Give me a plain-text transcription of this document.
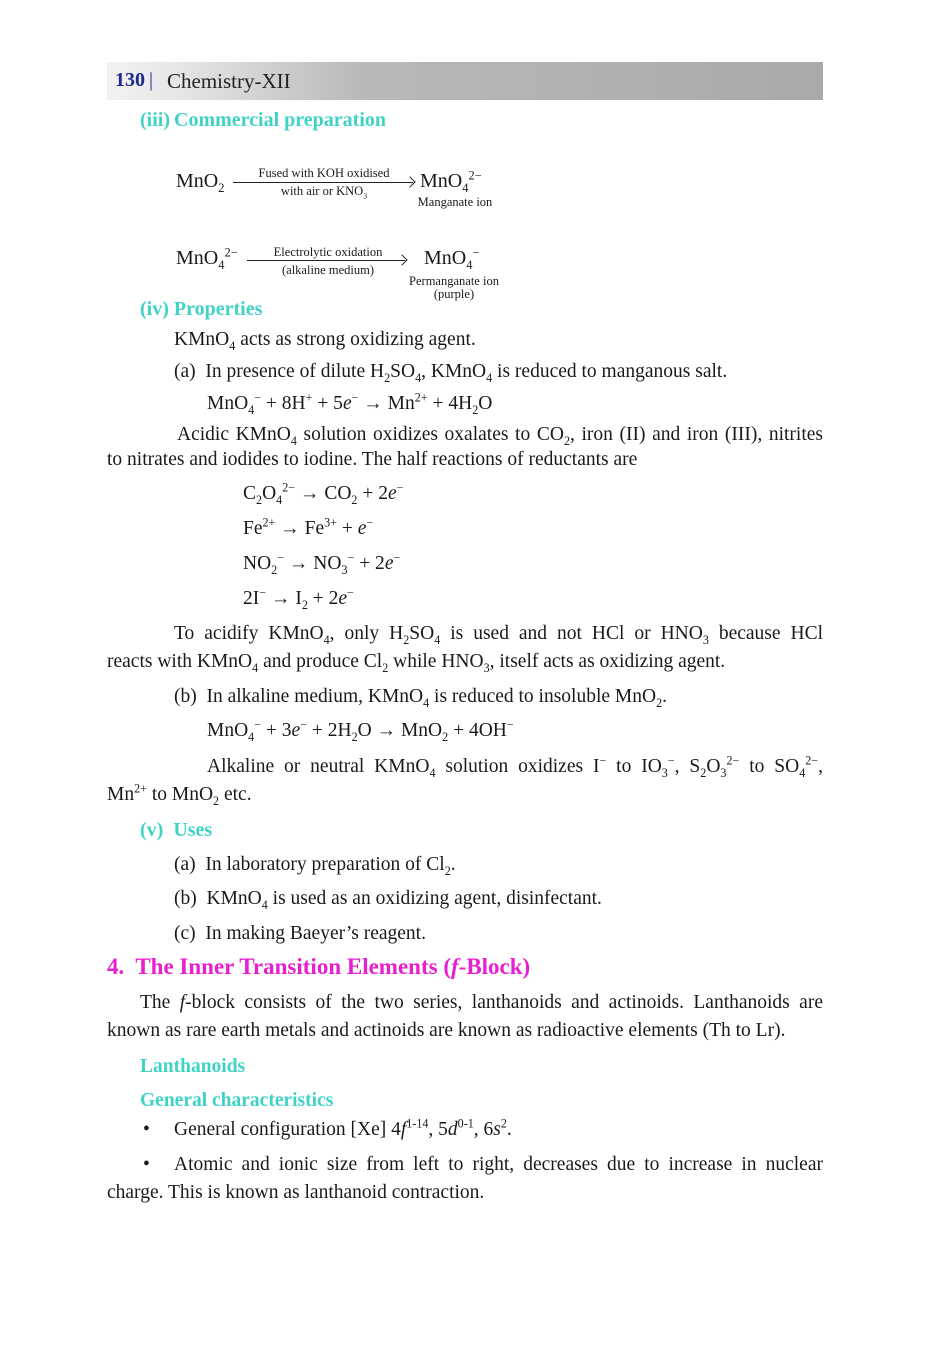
130 | Chemistry-XII
(iii) Commercial preparation
MnO$_2$
Fused with KOH oxidised
with air or $KNO_3$
MnO$_4^{2-}$
Manganate ion
MnO$_4^{2-}$	Electrolytic oxidation
(alkaline medium)
MnO$_4$−
Permanganate ion
(purple)
(iv) Properties
KMnO$_4$ acts as strong oxidizing agent.
(a)  In presence of dilute $H_2SO_4$, KMnO$_4$ is reduced to manganous salt.
$MnO_4^- + 8H^+ + 5e^- \to Mn^{2+} + 4H_2O$
Acidic KMnO$_4$ solution oxidizes oxalates to $CO_2$, iron (II) and iron (III), nitrites
to nitrates and iodides to iodine. The half reactions of reductants are
$C_2O_4^{2-} \to CO_2 + 2e^-$
$Fe^{2+} \to Fe^{3+} + e^-$
$NO_2^- \to NO_3^- + 2e^-$
$2I^- \to I_2 + 2e^-$
To acidify KMnO$_4$, only $H_2SO_4$ is used and not HCl or $HNO_3$ because HCl
reacts with KMnO$_4$ and produce $Cl_2$ while $HNO_3$, itself acts as oxidizing agent.
(b)  In alkaline medium, KMnO$_4$ is reduced to insoluble MnO$_2$.
$MnO_4^- + 3e^- + 2H_2O \to MnO_2 + 4OH^-$
Alkaline or neutral KMnO$_4$ solution oxidizes I− to $IO_3^-$, $S_2O_3^{2-}$ to $SO_4^{2-}$,
$Mn^{2+}$ to MnO$_2$ etc.
(v)  Uses
(a)  In laboratory preparation of $Cl_2$.
(b)  KMnO$_4$ is used as an oxidizing agent, disinfectant.
(c)  In making Baeyer’s reagent.
4.  The Inner Transition Elements (f-Block)
The f-block consists of the two series, lanthanoids and actinoids. Lanthanoids are
known as rare earth metals and actinoids are known as radioactive elements (Th to Lr).
Lanthanoids
General characteristics
• General configuration [Xe] $4f^{1-14}$, $5d^{0-1}$, $6s^2$.
• Atomic and ionic size from left to right, decreases due to increase in nuclear
charge. This is known as lanthanoid contraction.
